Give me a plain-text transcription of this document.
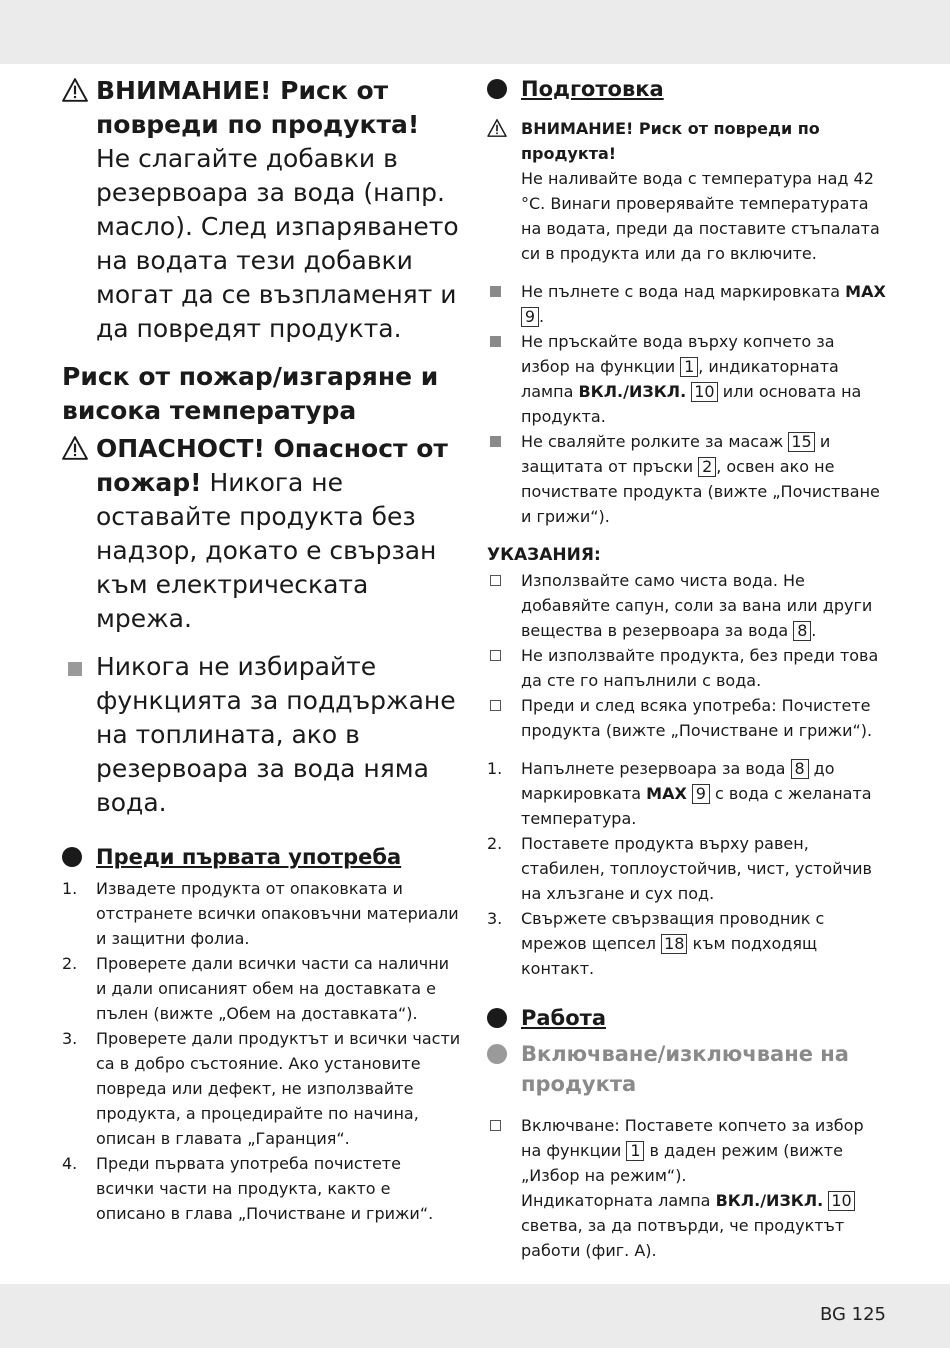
ВНИМАНИЕ! Риск от повреди по продукта!
Не слагайте добавки в резервоара за вода (напр. масло). След изпаряването на водата тези добавки могат да се възпламенят и да повредят продукта.
Риск от пожар/изгаряне и висока температура
ОПАСНОСТ! Опасност от пожар! Никога не оставайте продукта без надзор, докато е свързан към електрическата мрежа.
Никога не избирайте функцията за поддържане на топлината, ако в резервоара за вода няма вода.
Преди първата употреба
1. Извадете продукта от опаковката и отстранете всички опаковъчни материали и защитни фолиа.
2. Проверете дали всички части са налични и дали описаният обем на доставката е пълен (вижте „Обем на доставката“).
3. Проверете дали продуктът и всички части са в добро състояние. Ако установите повреда или дефект, не използвайте продукта, а процедирайте по начина, описан в главата „Гаранция“.
4. Преди първата употреба почистете всички части на продукта, както е описано в глава „Почистване и грижи“.
Подготовка
ВНИМАНИЕ! Риск от повреди по продукта!
Не наливайте вода с температура над 42 °C. Винаги проверявайте температурата на водата, преди да поставите стъпалата си в продукта или да го включите.
Не пълнете с вода над маркировката MAX 9 .
Не пръскайте вода върху копчето за избор на функции 1 , индикаторната лампа ВКЛ./ИЗКЛ. 10 или основата на продукта.
Не сваляйте ролките за масаж 15 и защитата от пръски 2 , освен ако не почиствате продукта (вижте „Почистване и грижи“).
УКАЗАНИЯ:
Използвайте само чиста вода. Не добавяйте сапун, соли за вана или други вещества в резервоара за вода 8 .
Не използвайте продукта, без преди това да сте го напълнили с вода.
Преди и след всяка употреба: Почистете продукта (вижте „Почистване и грижи“).
1. Напълнете резервоара за вода 8 до маркировката MAX 9 с вода с желаната температура.
2. Поставете продукта върху равен, стабилен, топлоустойчив, чист, устойчив на хлъзгане и сух под.
3. Свържете свързващия проводник с мрежов щепсел 18 към подходящ контакт.
Работа
Включване/изключване на продукта
Включване: Поставете копчето за избор на функции 1 в даден режим (вижте „Избор на режим“).
Индикаторната лампа ВКЛ./ИЗКЛ. 10 светва, за да потвърди, че продуктът работи (фиг. A).
BG 125
